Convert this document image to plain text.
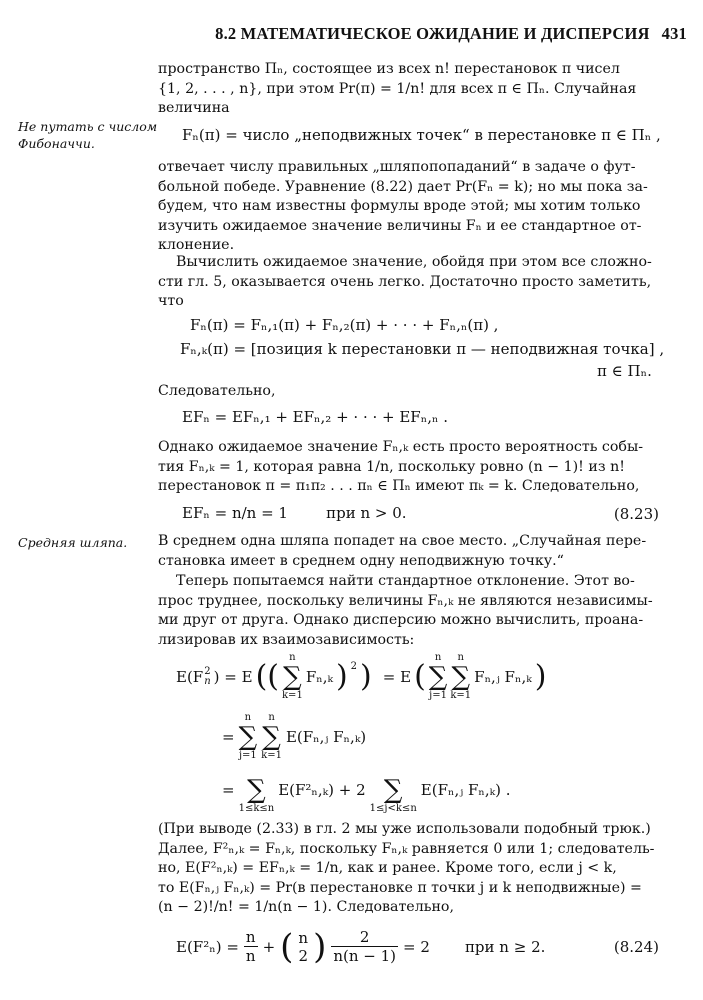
8.2 МАТЕМАТИЧЕСКОЕ ОЖИДАНИЕ И ДИСПЕРСИЯ 431
Не путать с числом
Фибоначчи.
Средняя шляпа.
пространство Πₙ, состоящее из всех n! перестановок π чисел
{1, 2, . . . , n}, при этом Pr(π) = 1/n! для всех π ∈ Πₙ. Случайная
величина
Fₙ(π) = число „неподвижных точек“ в перестановке π ∈ Πₙ ,
отвечает числу правильных „шляпопопаданий“ в задаче о фут-
больной победе. Уравнение (8.22) дает Pr(Fₙ = k); но мы пока за-
будем, что нам известны формулы вроде этой; мы хотим только
изучить ожидаемое значение величины Fₙ и ее стандартное от-
клонение.
Вычислить ожидаемое значение, обойдя при этом все сложно-
сти гл. 5, оказывается очень легко. Достаточно просто заметить,
что
Fₙ(π) = Fₙ,₁(π) + Fₙ,₂(π) + · · · + Fₙ,ₙ(π) ,
Fₙ,ₖ(π) = [позиция k перестановки π — неподвижная точка] ,
π ∈ Πₙ.
Следовательно,
EFₙ = EFₙ,₁ + EFₙ,₂ + · · · + EFₙ,ₙ .
Однако ожидаемое значение Fₙ,ₖ есть просто вероятность собы-
тия Fₙ,ₖ = 1, которая равна 1/n, поскольку ровно (n − 1)! из n!
перестановок π = π₁π₂ . . . πₙ ∈ Πₙ имеют πₖ = k. Следовательно,
EFₙ = n/n = 1        при n > 0.	(8.23)
В среднем одна шляпа попадет на свое место. „Случайная пере-
становка имеет в среднем одну неподвижную точку.“
Теперь попытаемся найти стандартное отклонение. Этот во-
прос труднее, поскольку величины Fₙ,ₖ не являются независимы-
ми друг от друга. Однако дисперсию можно вычислить, проана-
лизировав их взаимозависимость:
E(F 2
n ) = E ((
n
∑
k=1
Fₙ,ₖ ) $^2$ ) = E (
n
∑
j=1
n
∑
k=1
Fₙ,ⱼ Fₙ,ₖ )
=
n
∑
j=1
n
∑
k=1
E(Fₙ,ⱼ Fₙ,ₖ)
=
∑
1≤k≤n
E(F²ₙ,ₖ) + 2
∑
1≤j<k≤n
E(Fₙ,ⱼ Fₙ,ₖ) .
(При выводе (2.33) в гл. 2 мы уже использовали подобный трюк.)
Далее, F²ₙ,ₖ = Fₙ,ₖ, поскольку Fₙ,ₖ равняется 0 или 1; следователь-
но, E(F²ₙ,ₖ) = EFₙ,ₖ = 1/n, как и ранее. Кроме того, если j < k,
то E(Fₙ,ⱼ Fₙ,ₖ) = Pr(в перестановке π точки j и k неподвижные) =
(n − 2)!/n! = 1/n(n − 1). Следовательно,
$E(F^2_n) = \frac{n}{n}$ + ( n
2 ) $\frac{2}{n(n - 1)} = 2$ при n ≥ 2.	(8.24)
